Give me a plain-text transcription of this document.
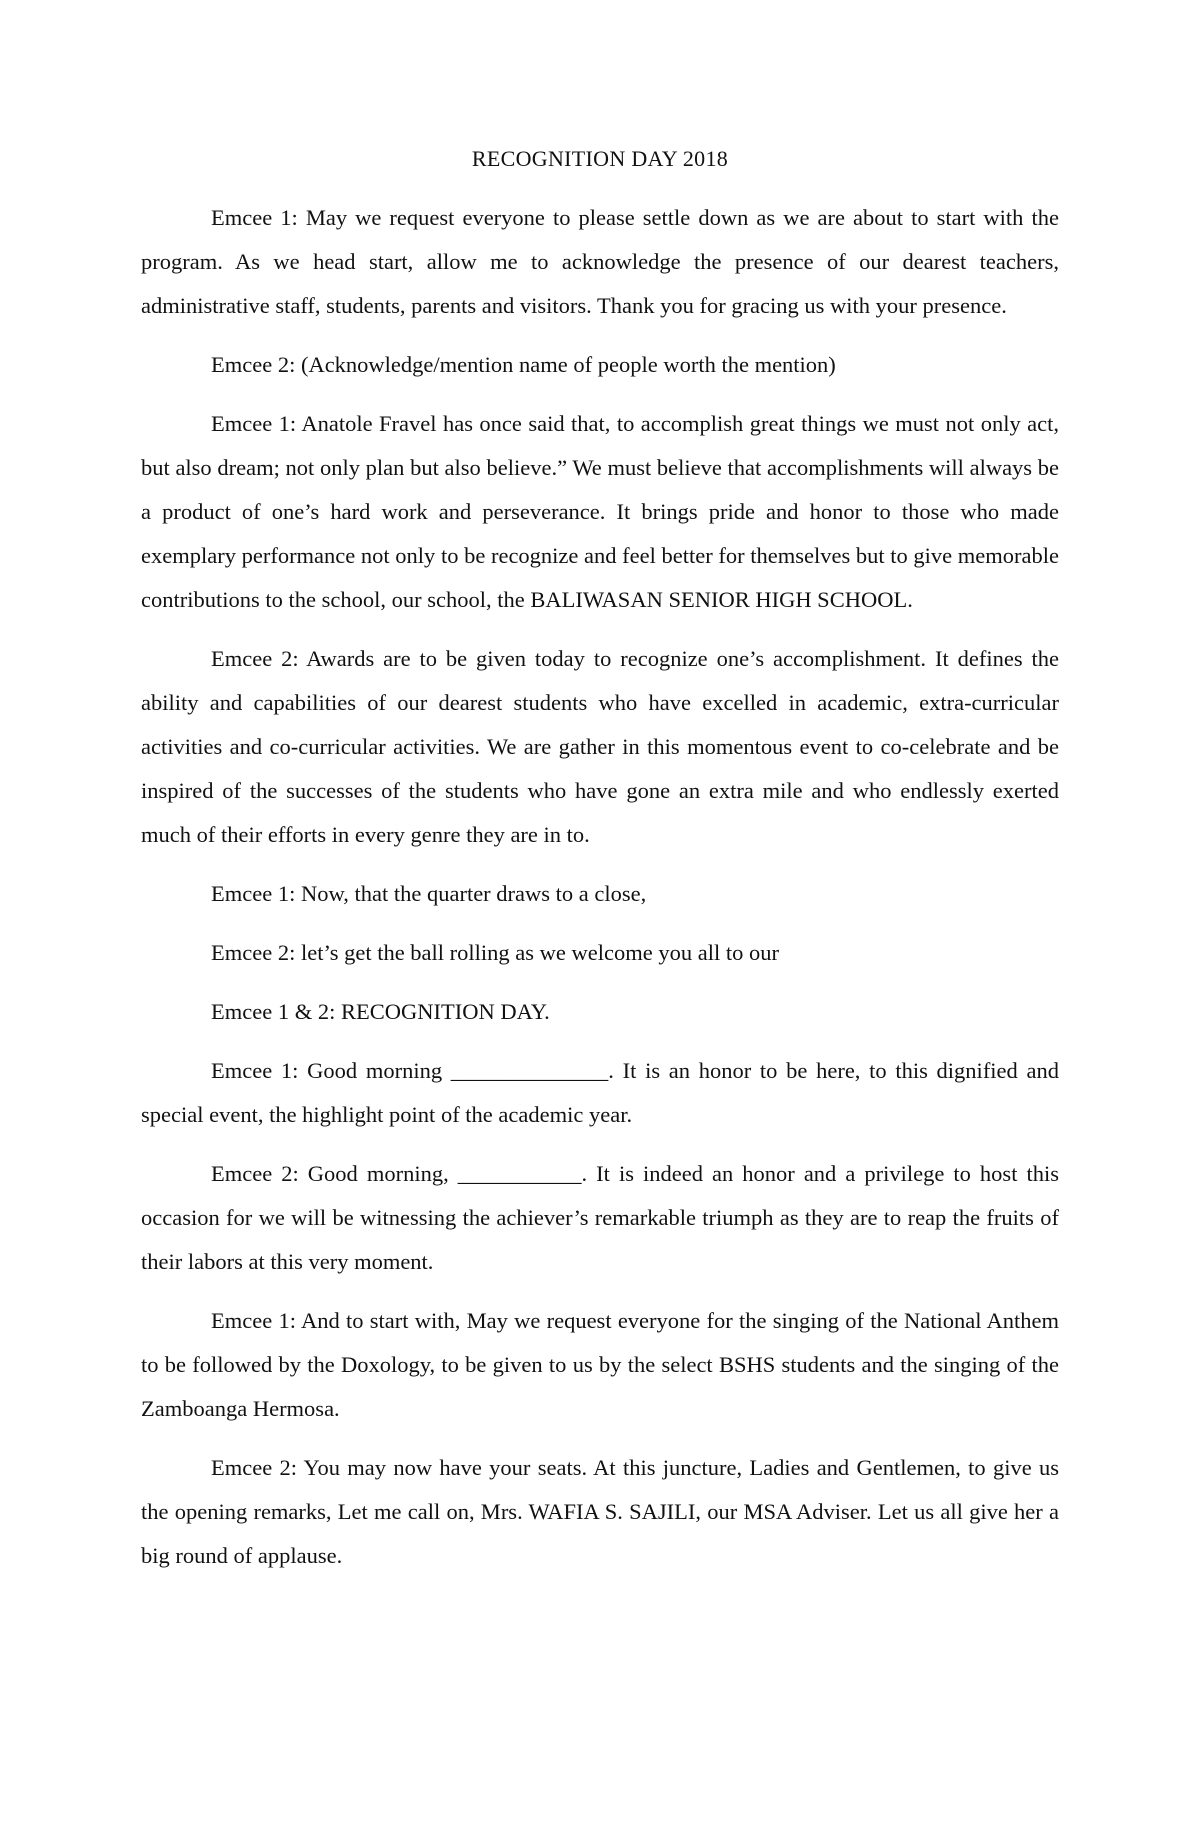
RECOGNITION DAY 2018

Emcee 1: May we request everyone to please settle down as we are about to start with the program. As we head start, allow me to acknowledge the presence of our dearest teachers, administrative staff, students, parents and visitors. Thank you for gracing us with your presence.

Emcee 2: (Acknowledge/mention name of people worth the mention)

Emcee 1: Anatole Fravel has once said that, to accomplish great things we must not only act, but also dream; not only plan but also believe.” We must believe that accomplishments will always be a product of one’s hard work and perseverance. It brings pride and honor to those who made exemplary performance not only to be recognize and feel better for themselves but to give memorable contributions to the school, our school, the BALIWASAN SENIOR HIGH SCHOOL.

Emcee 2: Awards are to be given today to recognize one’s accomplishment. It defines the ability and capabilities of our dearest students who have excelled in academic, extra-curricular activities and co-curricular activities. We are gather in this momentous event to co-celebrate and be inspired of the successes of the students who have gone an extra mile and who endlessly exerted much of their efforts in every genre they are in to.

Emcee 1: Now, that the quarter draws to a close,

Emcee 2: let’s get the ball rolling as we welcome you all to our

Emcee 1 & 2: RECOGNITION DAY.

Emcee 1: Good morning ______________. It is an honor to be here, to this dignified and special event, the highlight point of the academic year.

Emcee 2: Good morning, ___________. It is indeed an honor and a privilege to host this occasion for we will be witnessing the achiever’s remarkable triumph as they are to reap the fruits of their labors at this very moment.

Emcee 1: And to start with, May we request everyone for the singing of the National Anthem to be followed by the Doxology, to be given to us by the select BSHS students and the singing of the Zamboanga Hermosa.

Emcee 2: You may now have your seats. At this juncture, Ladies and Gentlemen, to give us the opening remarks, Let me call on, Mrs. WAFIA S. SAJILI, our MSA Adviser. Let us all give her a big round of applause.
